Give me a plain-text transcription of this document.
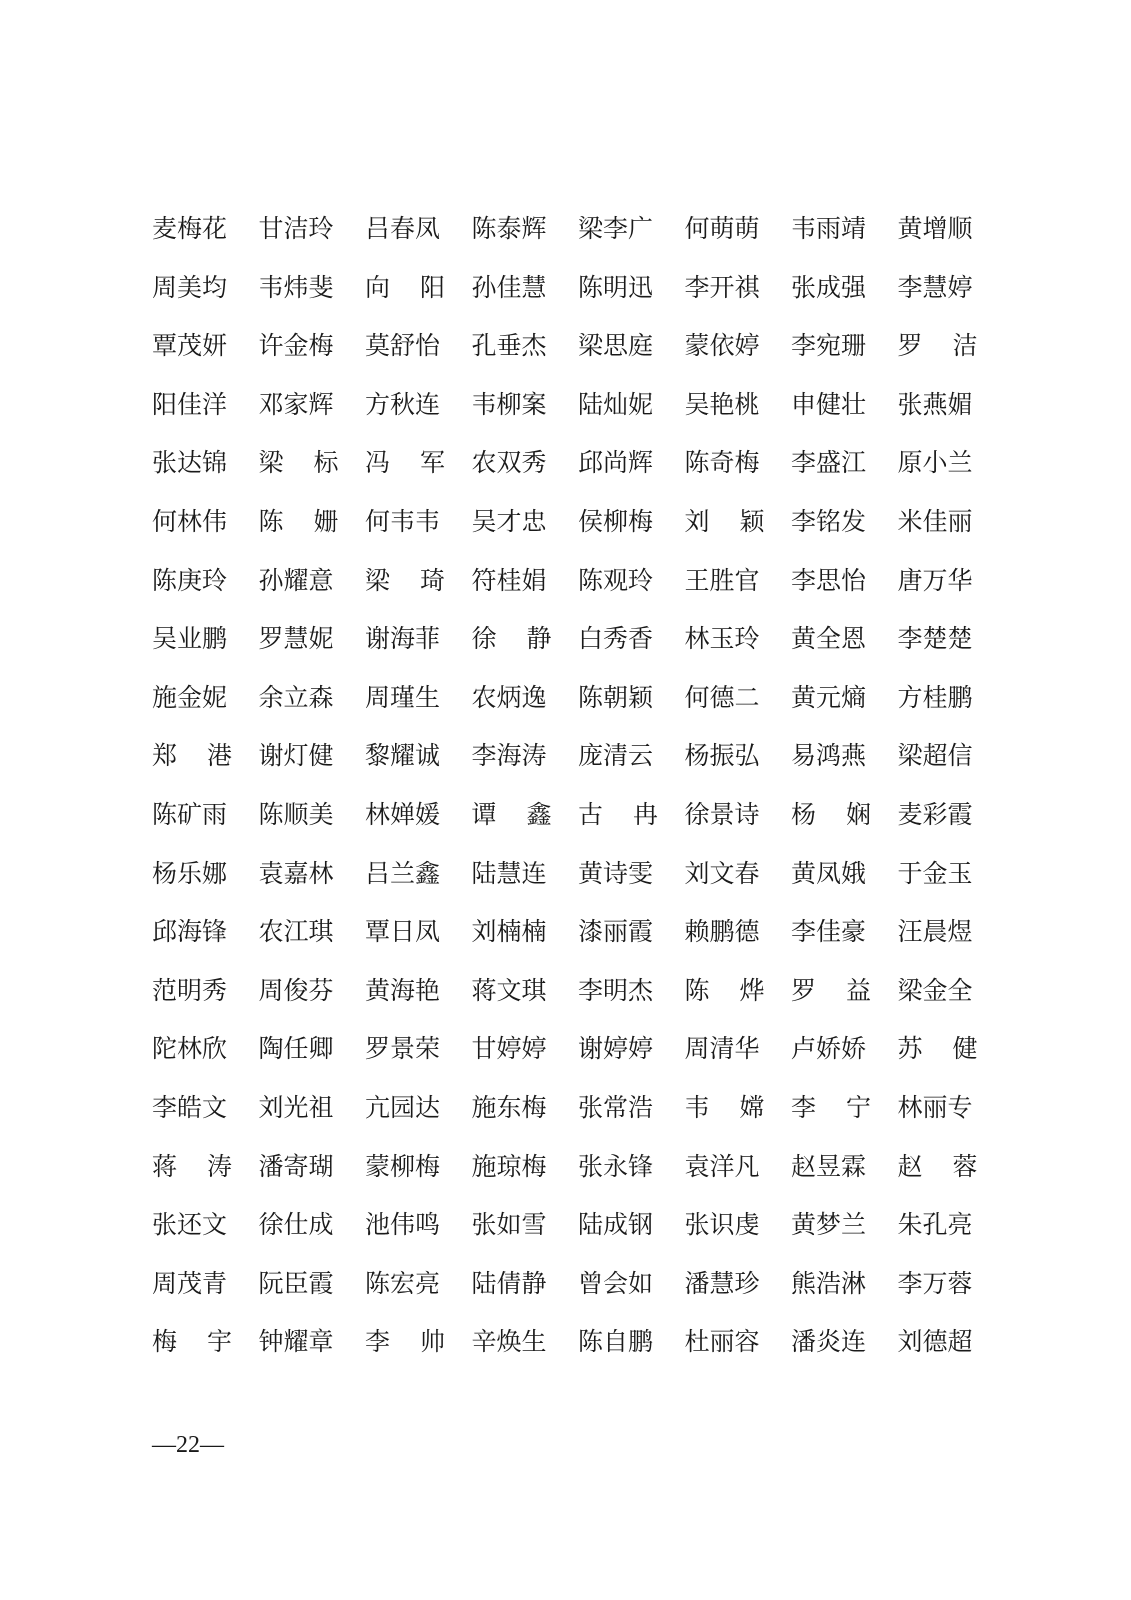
麦梅花 甘洁玲 吕春凤 陈泰辉 梁李广 何萌萌 韦雨靖 黄增顺
周美均 韦炜斐 向 阳 孙佳慧 陈明迅 李开祺 张成强 李慧婷
覃茂妍 许金梅 莫舒怡 孔垂杰 梁思庭 蒙依婷 李宛珊 罗 洁
阳佳洋 邓家辉 方秋连 韦柳案 陆灿妮 吴艳桃 申健壮 张燕媚
张达锦 梁 标 冯 军 农双秀 邱尚辉 陈奇梅 李盛江 原小兰
何林伟 陈 姗 何韦韦 吴才忠 侯柳梅 刘 颖 李铭发 米佳丽
陈庚玲 孙耀意 梁 琦 符桂娟 陈观玲 王胜官 李思怡 唐万华
吴业鹏 罗慧妮 谢海菲 徐 静 白秀香 林玉玲 黄全恩 李楚楚
施金妮 余立森 周瑾生 农炳逸 陈朝颖 何德二 黄元熵 方桂鹏
郑 港 谢灯健 黎耀诚 李海涛 庞清云 杨振弘 易鸿燕 梁超信
陈矿雨 陈顺美 林婵媛 谭 鑫 古 冉 徐景诗 杨 娴 麦彩霞
杨乐娜 袁嘉林 吕兰鑫 陆慧连 黄诗雯 刘文春 黄凤娥 于金玉
邱海锋 农江琪 覃日凤 刘楠楠 漆丽霞 赖鹏德 李佳豪 汪晨煜
范明秀 周俊芬 黄海艳 蒋文琪 李明杰 陈 烨 罗 益 梁金全
陀林欣 陶任卿 罗景荣 甘婷婷 谢婷婷 周清华 卢娇娇 苏 健
李皓文 刘光祖 亢园达 施东梅 张常浩 韦 嫦 李 宁 林丽专
蒋 涛 潘寄瑚 蒙柳梅 施琼梅 张永锋 袁洋凡 赵昱霖 赵 蓉
张还文 徐仕成 池伟鸣 张如雪 陆成钢 张识虔 黄梦兰 朱孔亮
周茂青 阮臣霞 陈宏亮 陆倩静 曾会如 潘慧珍 熊浩淋 李万蓉
梅 宇 钟耀章 李 帅 辛焕生 陈自鹏 杜丽容 潘炎连 刘德超
—22—
